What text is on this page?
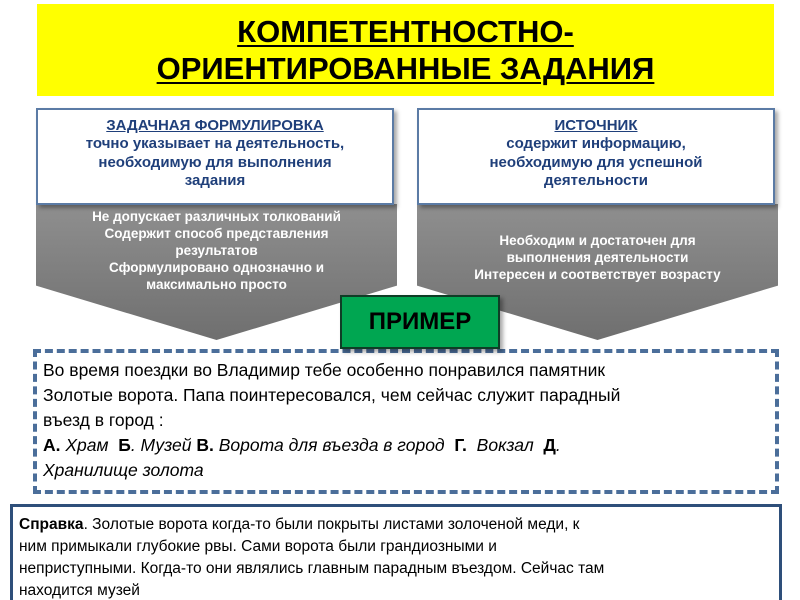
КОМПЕТЕНТНОСТНО-
ОРИЕНТИРОВАННЫЕ ЗАДАНИЯ
ЗАДАЧНАЯ ФОРМУЛИРОВКА
точно указывает на деятельность,
необходимую для выполнения
задания
ИСТОЧНИК
содержит информацию,
необходимую для успешной
деятельности
Не допускает различных толкований
Содержит способ представления
результатов
Сформулировано однозначно и
максимально просто
Необходим и достаточен для
выполнения деятельности
Интересен и соответствует возрасту
Во время поездки во Владимир тебе особенно понравился памятник
Золотые ворота. Папа поинтересовался, чем сейчас служит парадный
въезд в город :
А. Храм Б. Музей В. Ворота для въезда в город Г. Вокзал Д.
Хранилище золота
ПРИМЕР
Справка. Золотые ворота когда-то были покрыты листами золоченой меди, к
ним примыкали глубокие рвы. Сами ворота были грандиозными и
неприступными. Когда-то они являлись главным парадным въездом. Сейчас там
находится музей
